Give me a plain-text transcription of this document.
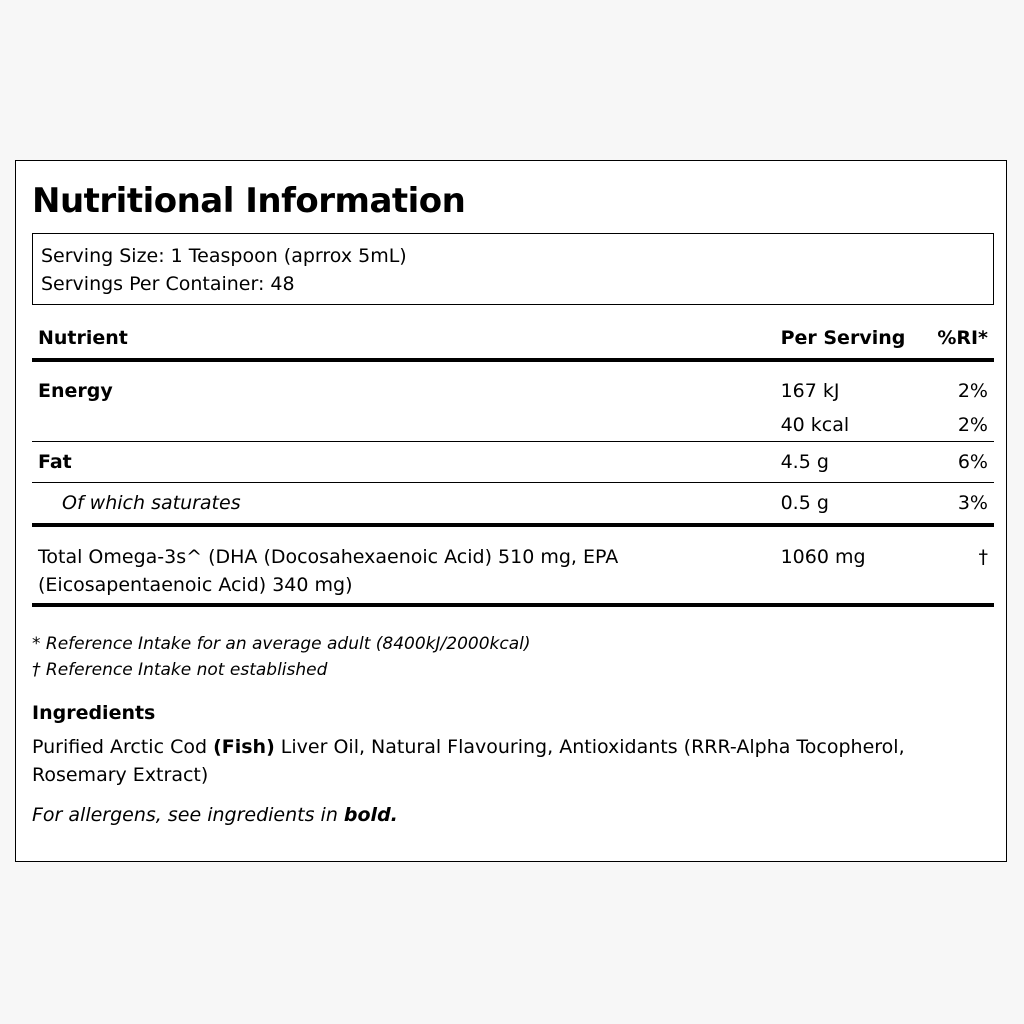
Nutritional Information
Serving Size: 1 Teaspoon (aprrox 5mL)
Servings Per Container: 48
Nutrient	Per Serving	%RI*
Energy	167 kJ	2%
	40 kcal	2%
Fat	4.5 g	6%
Of which saturates	0.5 g	3%
Total Omega-3s^ (DHA (Docosahexaenoic Acid) 510 mg, EPA (Eicosapentaenoic Acid) 340 mg)	1060 mg	†
* Reference Intake for an average adult (8400kJ/2000kcal)
† Reference Intake not established
Ingredients
Purified Arctic Cod (Fish) Liver Oil, Natural Flavouring, Antioxidants (RRR-Alpha Tocopherol, Rosemary Extract)
For allergens, see ingredients in bold.
